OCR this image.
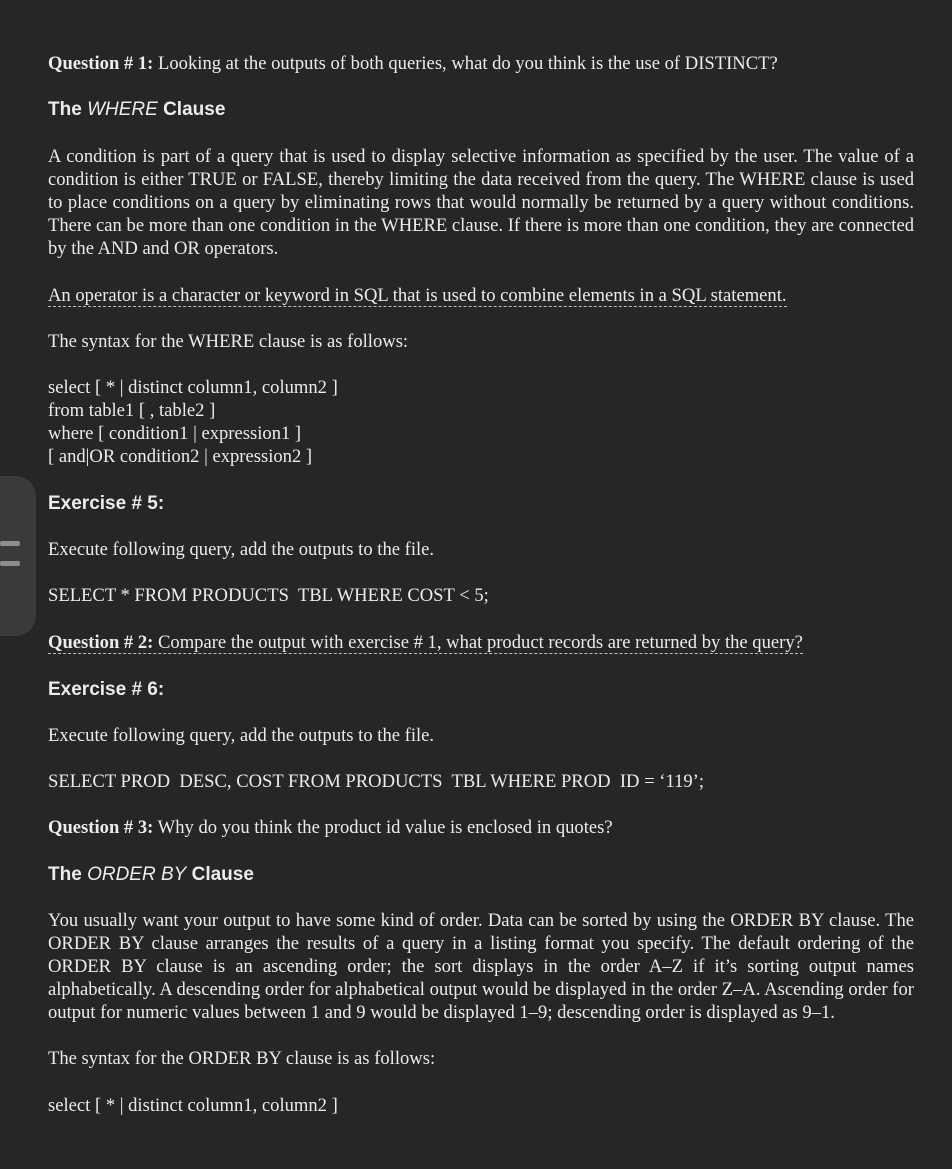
Question # 1: Looking at the outputs of both queries, what do you think is the use of DISTINCT?

The WHERE Clause

A condition is part of a query that is used to display selective information as specified by the user. The value of a condition is either TRUE or FALSE, thereby limiting the data received from the query. The WHERE clause is used to place conditions on a query by eliminating rows that would normally be returned by a query without conditions. There can be more than one condition in the WHERE clause. If there is more than one condition, they are connected by the AND and OR operators.

An operator is a character or keyword in SQL that is used to combine elements in a SQL statement.

The syntax for the WHERE clause is as follows:

select [ * | distinct column1, column2 ]
from table1 [ , table2 ]
where [ condition1 | expression1 ]
[ and|OR condition2 | expression2 ]

Exercise # 5:

Execute following query, add the outputs to the file.

SELECT * FROM PRODUCTS  TBL WHERE COST < 5;

Question # 2: Compare the output with exercise # 1, what product records are returned by the query?

Exercise # 6:

Execute following query, add the outputs to the file.

SELECT PROD  DESC, COST FROM PRODUCTS  TBL WHERE PROD  ID = ‘119’;

Question # 3: Why do you think the product id value is enclosed in quotes?

The ORDER BY Clause

You usually want your output to have some kind of order. Data can be sorted by using the ORDER BY clause. The ORDER BY clause arranges the results of a query in a listing format you specify. The default ordering of the ORDER BY clause is an ascending order; the sort displays in the order A–Z if it’s sorting output names alphabetically. A descending order for alphabetical output would be displayed in the order Z–A. Ascending order for output for numeric values between 1 and 9 would be displayed 1–9; descending order is displayed as 9–1.

The syntax for the ORDER BY clause is as follows:

select [ * | distinct column1, column2 ]
